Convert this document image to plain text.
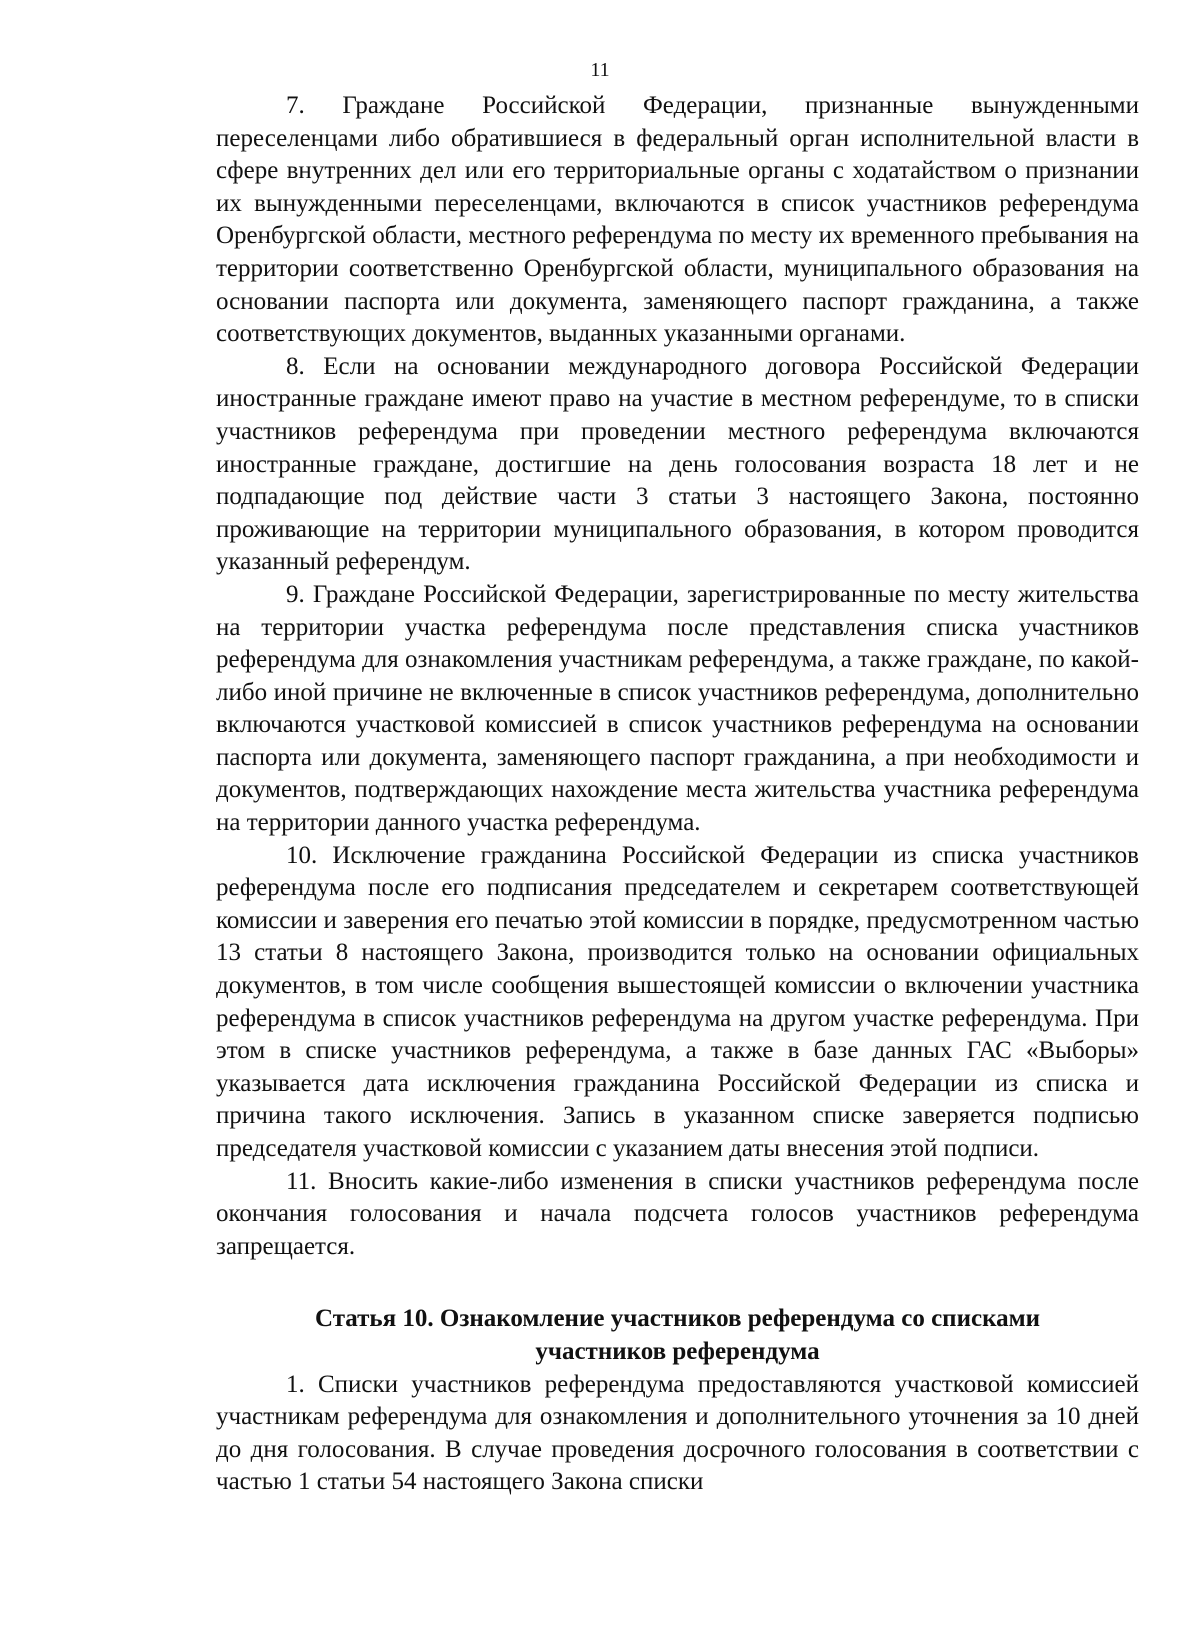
11

7. Граждане Российской Федерации, признанные вынужденными переселенцами либо обратившиеся в федеральный орган исполнительной власти в сфере внутренних дел или его территориальные органы с ходатайством о признании их вынужденными переселенцами, включаются в список участников референдума Оренбургской области, местного референдума по месту их временного пребывания на территории соответственно Оренбургской области, муниципального образования на основании паспорта или документа, заменяющего паспорт гражданина, а также соответствующих документов, выданных указанными органами.

8. Если на основании международного договора Российской Федерации иностранные граждане имеют право на участие в местном референдуме, то в списки участников референдума при проведении местного референдума включаются иностранные граждане, достигшие на день голосования возраста 18 лет и не подпадающие под действие части 3 статьи 3 настоящего Закона, постоянно проживающие на территории муниципального образования, в котором проводится указанный референдум.

9. Граждане Российской Федерации, зарегистрированные по месту жительства на территории участка референдума после представления списка участников референдума для ознакомления участникам референдума, а также граждане, по какой-либо иной причине не включенные в список участников референдума, дополнительно включаются участковой комиссией в список участников референдума на основании паспорта или документа, заменяющего паспорт гражданина, а при необходимости и документов, подтверждающих нахождение места жительства участника референдума на территории данного участка референдума.

10. Исключение гражданина Российской Федерации из списка участников референдума после его подписания председателем и секретарем соответствующей комиссии и заверения его печатью этой комиссии в порядке, предусмотренном частью 13 статьи 8 настоящего Закона, производится только на основании официальных документов, в том числе сообщения вышестоящей комиссии о включении участника референдума в список участников референдума на другом участке референдума. При этом в списке участников референдума, а также в базе данных ГАС «Выборы» указывается дата исключения гражданина Российской Федерации из списка и причина такого исключения. Запись в указанном списке заверяется подписью председателя участковой комиссии с указанием даты внесения этой подписи.

11. Вносить какие-либо изменения в списки участников референдума после окончания голосования и начала подсчета голосов участников референдума запрещается.

Статья 10. Ознакомление участников референдума со списками
участников референдума

1. Списки участников референдума предоставляются участковой комиссией участникам референдума для ознакомления и дополнительного уточнения за 10 дней до дня голосования. В случае проведения досрочного голосования в соответствии с частью 1 статьи 54 настоящего Закона списки
